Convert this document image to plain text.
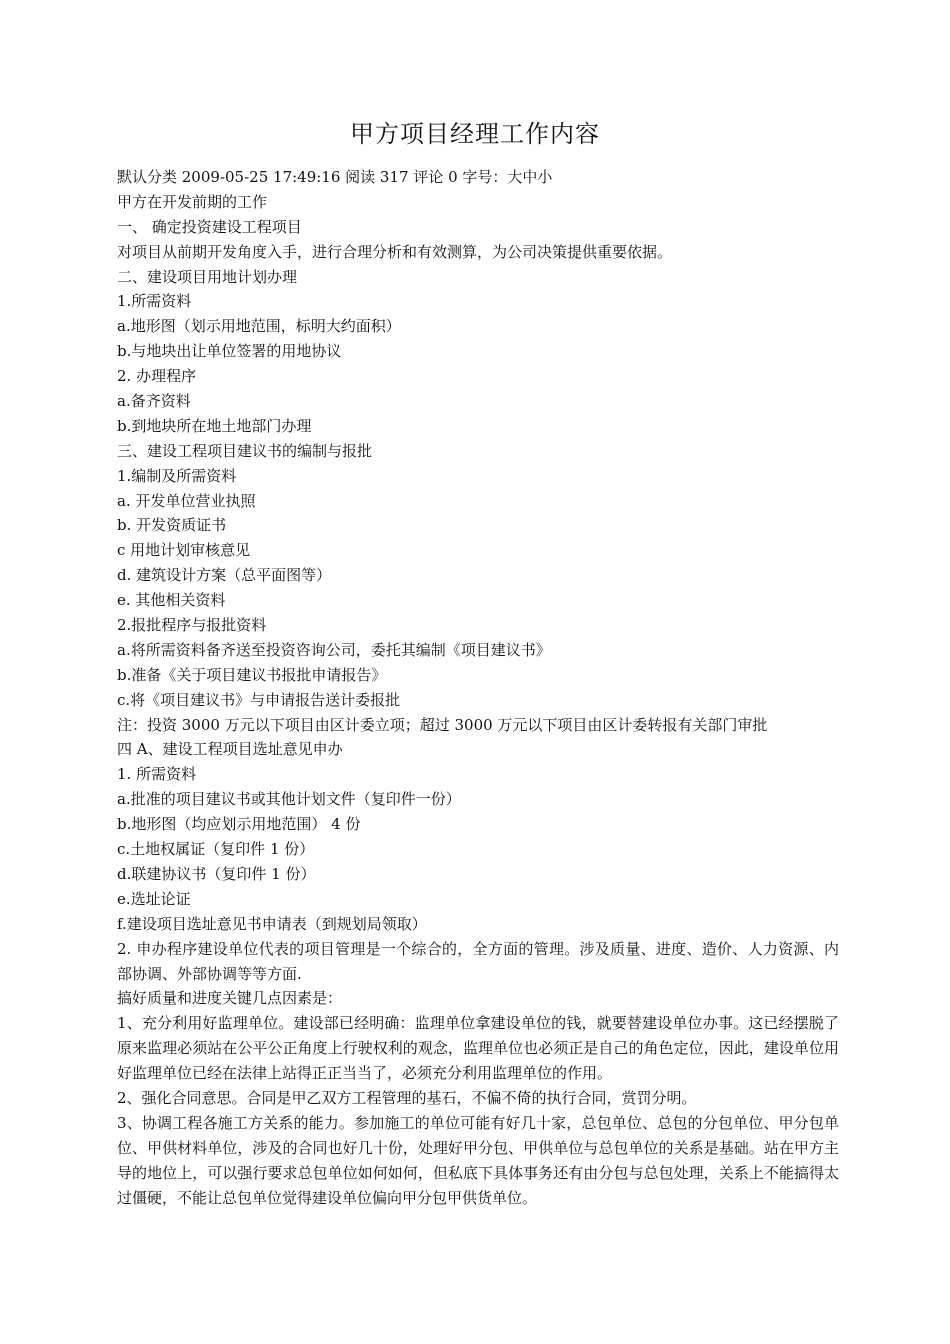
甲方项目经理工作内容
默认分类 2009-05-25 17:49:16 阅读 317 评论 0 字号：大中小
甲方在开发前期的工作
一、 确定投资建设工程项目
对项目从前期开发角度入手，进行合理分析和有效测算，为公司决策提供重要依据。
二、建设项目用地计划办理
1.所需资料
a.地形图（划示用地范围，标明大约面积）
b.与地块出让单位签署的用地协议
2. 办理程序
a.备齐资料
b.到地块所在地土地部门办理
三、建设工程项目建议书的编制与报批
1.编制及所需资料
a. 开发单位营业执照
b. 开发资质证书
c 用地计划审核意见
d. 建筑设计方案（总平面图等）
e. 其他相关资料
2.报批程序与报批资料
a.将所需资料备齐送至投资咨询公司，委托其编制《项目建议书》
b.准备《关于项目建议书报批申请报告》
c.将《项目建议书》与申请报告送计委报批
注：投资 3000 万元以下项目由区计委立项；超过 3000 万元以下项目由区计委转报有关部门审批
四 A、建设工程项目选址意见申办
1. 所需资料
a.批准的项目建议书或其他计划文件（复印件一份）
b.地形图（均应划示用地范围） 4 份
c.土地权属证（复印件 1 份）
d.联建协议书（复印件 1 份）
e.选址论证
f.建设项目选址意见书申请表（到规划局领取）
2. 申办程序建设单位代表的项目管理是一个综合的，全方面的管理。涉及质量、进度、造价、人力资源、内部协调、外部协调等等方面.
搞好质量和进度关键几点因素是：
1、充分利用好监理单位。建设部已经明确：监理单位拿建设单位的钱，就要替建设单位办事。这已经摆脱了原来监理必须站在公平公正角度上行驶权利的观念，监理单位也必须正是自己的角色定位，因此，建设单位用好监理单位已经在法律上站得正正当当了，必须充分利用监理单位的作用。
2、强化合同意思。合同是甲乙双方工程管理的基石，不偏不倚的执行合同，赏罚分明。
3、协调工程各施工方关系的能力。参加施工的单位可能有好几十家，总包单位、总包的分包单位、甲分包单位、甲供材料单位，涉及的合同也好几十份，处理好甲分包、甲供单位与总包单位的关系是基础。站在甲方主导的地位上，可以强行要求总包单位如何如何，但私底下具体事务还有由分包与总包处理，关系上不能搞得太过僵硬，不能让总包单位觉得建设单位偏向甲分包甲供货单位。
